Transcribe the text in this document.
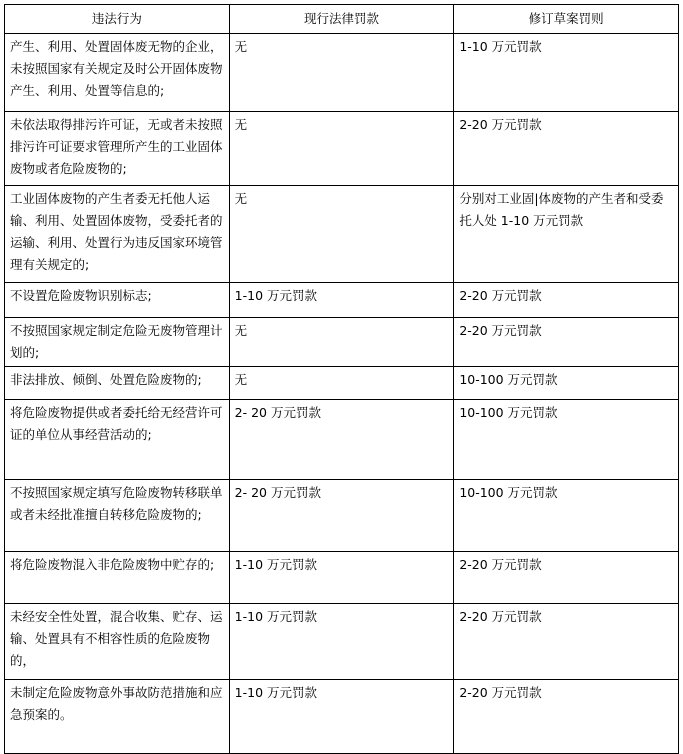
违法行为	现行法律罚款	修订草案罚则
产生、利用、处置固体废无物的企业，未按照国家有关规定及时公开固体废物产生、利用、处置等信息的;	无	1-10 万元罚款
未依法取得排污许可证，无或者未按照排污许可证要求管理所产生的工业固体废物或者危险废物的;	无	2-20 万元罚款
工业固体废物的产生者委无托他人运输、利用、处置固体废物，受委托者的运输、利用、处置行为违反国家环境管理有关规定的;	无	分别对工业固|体废物的产生者和受委托人处 1-10 万元罚款
不设置危险废物识别标志;	1-10 万元罚款	2-20 万元罚款
不按照国家规定制定危险无废物管理计划的;	无	2-20 万元罚款
非法排放、倾倒、处置危险废物的;	无	10-100 万元罚款
将危险废物提供或者委托给无经营许可证的单位从事经营活动的;	2- 20 万元罚款	10-100 万元罚款
不按照国家规定填写危险废物转移联单或者未经批准擅自转移危险废物的;	2- 20 万元罚款	10-100 万元罚款
将危险废物混入非危险废物中贮存的;	1-10 万元罚款	2-20 万元罚款
未经安全性处置，混合收集、贮存、运输、处置具有不相容性质的危险废物的，	1-10 万元罚款	2-20 万元罚款
未制定危险废物意外事故防范措施和应急预案的。	1-10 万元罚款	2-20 万元罚款
